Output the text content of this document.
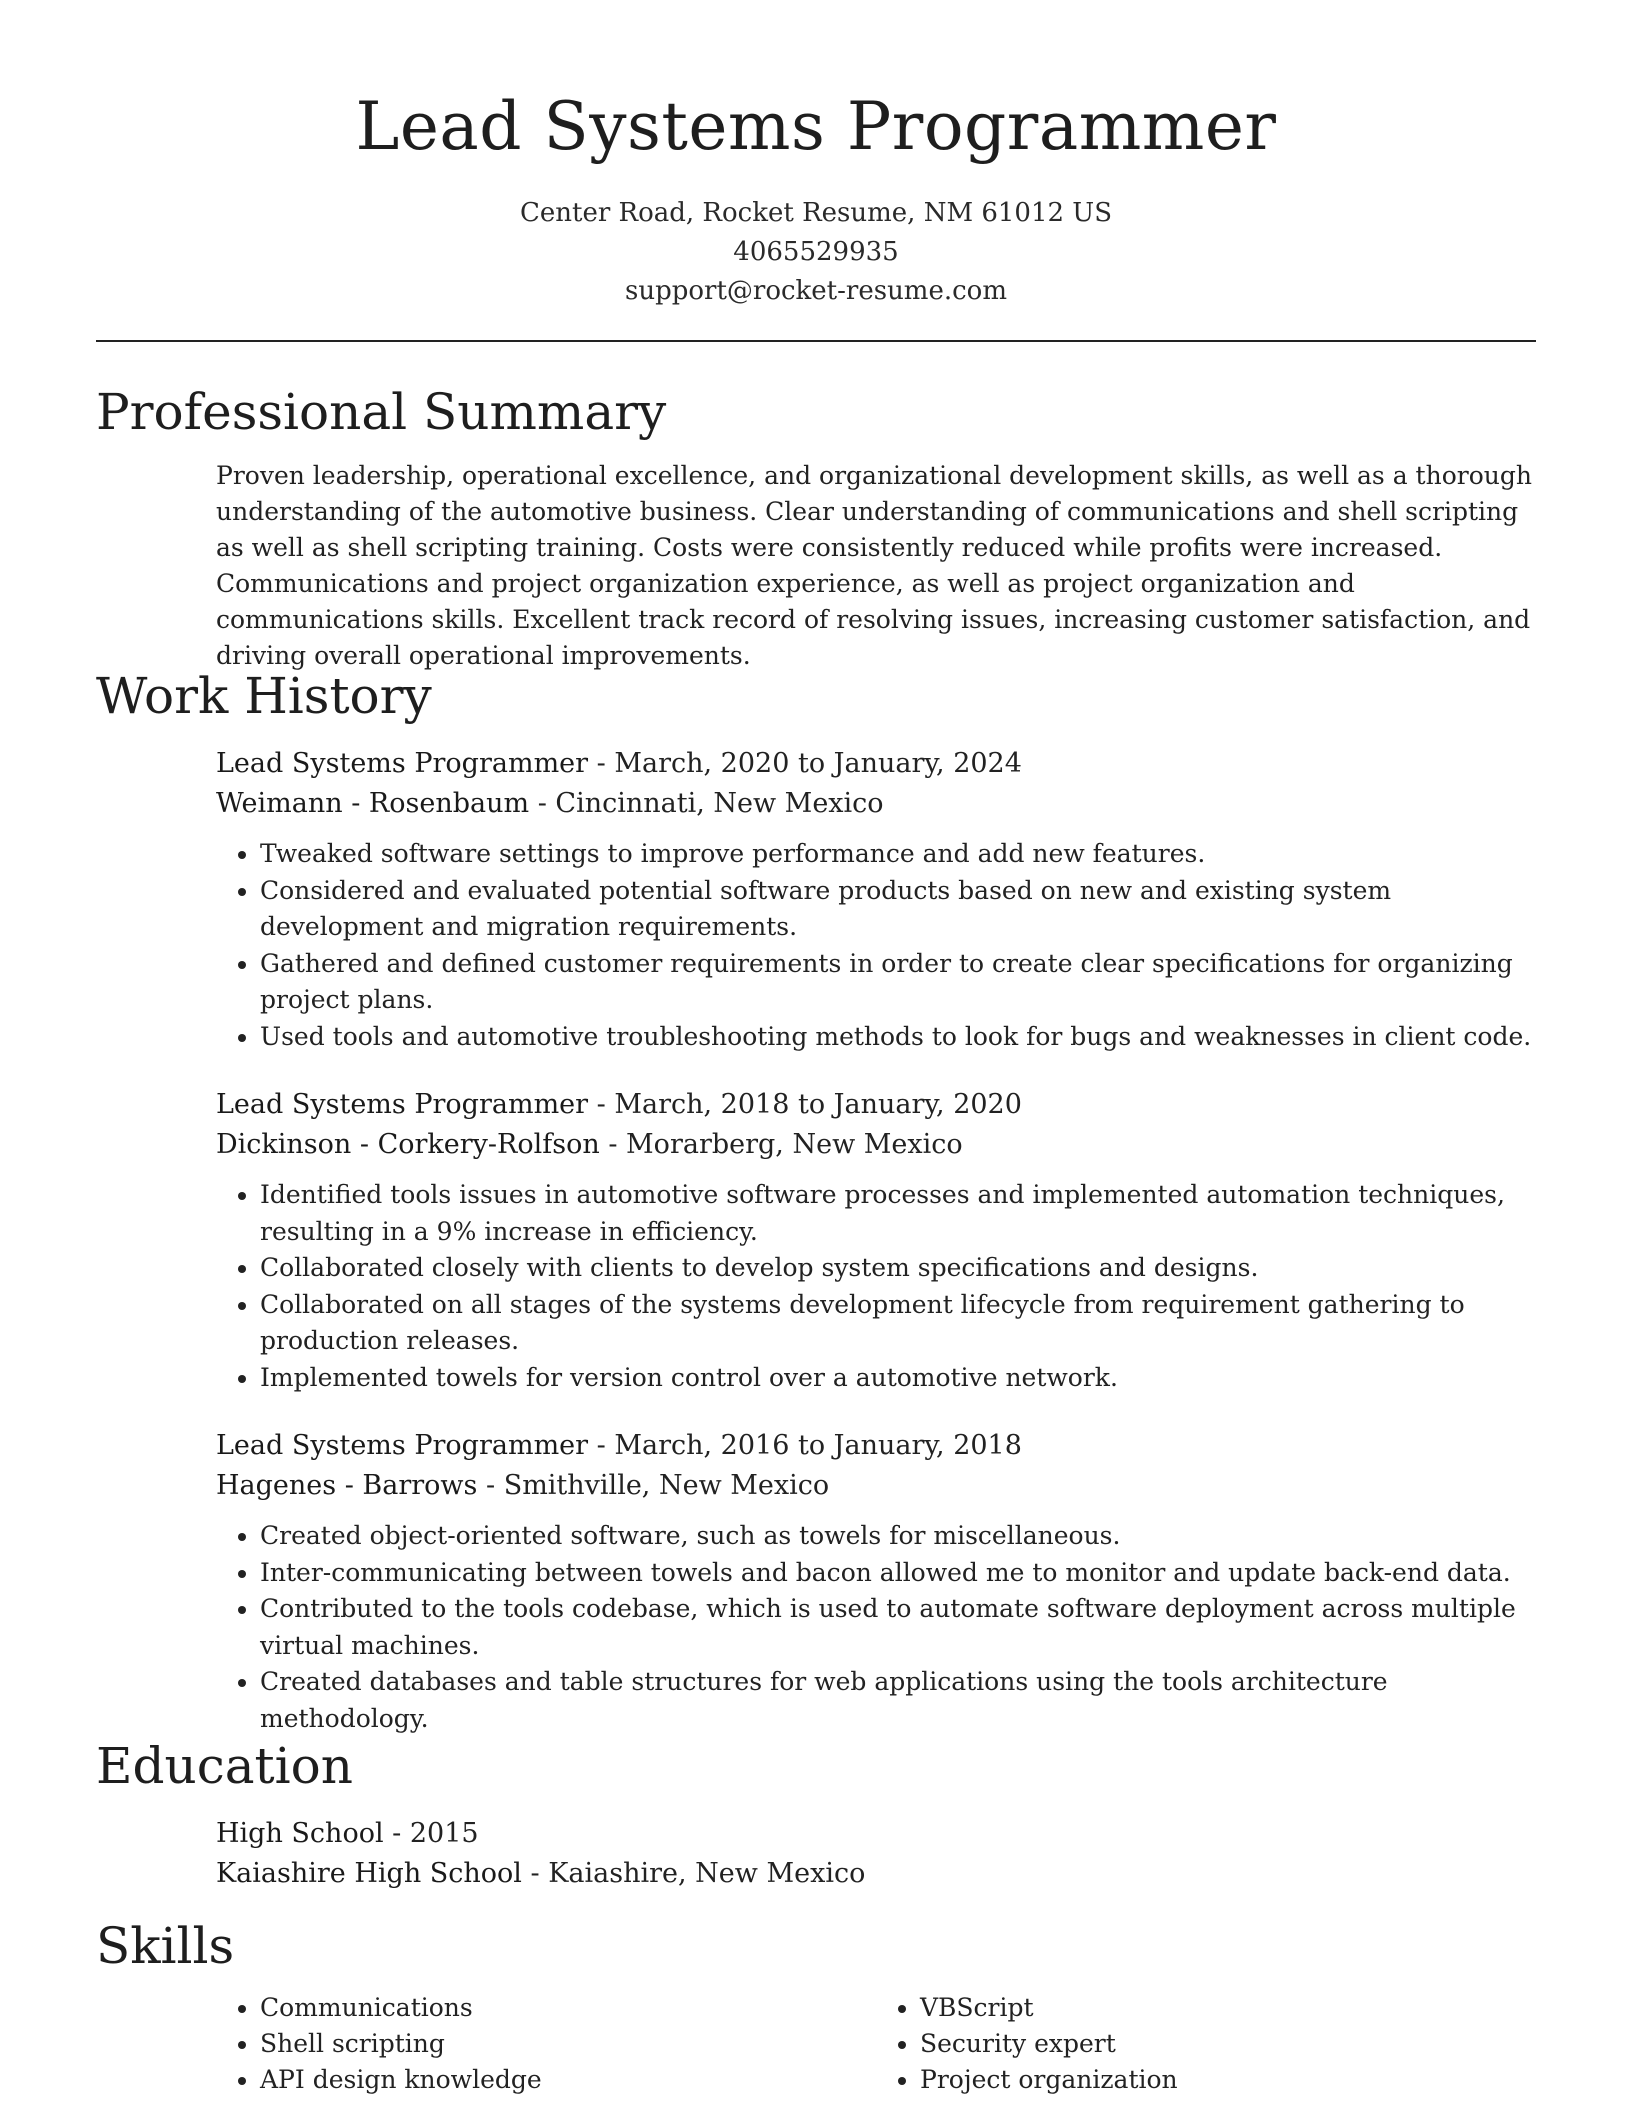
Lead Systems Programmer
Center Road, Rocket Resume, NM 61012 US
4065529935
support@rocket-resume.com
Professional Summary
Proven leadership, operational excellence, and organizational development skills, as well as a thorough understanding of the automotive business. Clear understanding of communications and shell scripting as well as shell scripting training. Costs were consistently reduced while profits were increased. Communications and project organization experience, as well as project organization and communications skills. Excellent track record of resolving issues, increasing customer satisfaction, and driving overall operational improvements.
Work History
Lead Systems Programmer - March, 2020 to January, 2024
Weimann - Rosenbaum - Cincinnati, New Mexico
• Tweaked software settings to improve performance and add new features.
• Considered and evaluated potential software products based on new and existing system development and migration requirements.
• Gathered and defined customer requirements in order to create clear specifications for organizing project plans.
• Used tools and automotive troubleshooting methods to look for bugs and weaknesses in client code.
Lead Systems Programmer - March, 2018 to January, 2020
Dickinson - Corkery-Rolfson - Morarberg, New Mexico
• Identified tools issues in automotive software processes and implemented automation techniques, resulting in a 9% increase in efficiency.
• Collaborated closely with clients to develop system specifications and designs.
• Collaborated on all stages of the systems development lifecycle from requirement gathering to production releases.
• Implemented towels for version control over a automotive network.
Lead Systems Programmer - March, 2016 to January, 2018
Hagenes - Barrows - Smithville, New Mexico
• Created object-oriented software, such as towels for miscellaneous.
• Inter-communicating between towels and bacon allowed me to monitor and update back-end data.
• Contributed to the tools codebase, which is used to automate software deployment across multiple virtual machines.
• Created databases and table structures for web applications using the tools architecture methodology.
Education
High School - 2015
Kaiashire High School - Kaiashire, New Mexico
Skills
• Communications
• Shell scripting
• API design knowledge
• VBScript
• Security expert
• Project organization
